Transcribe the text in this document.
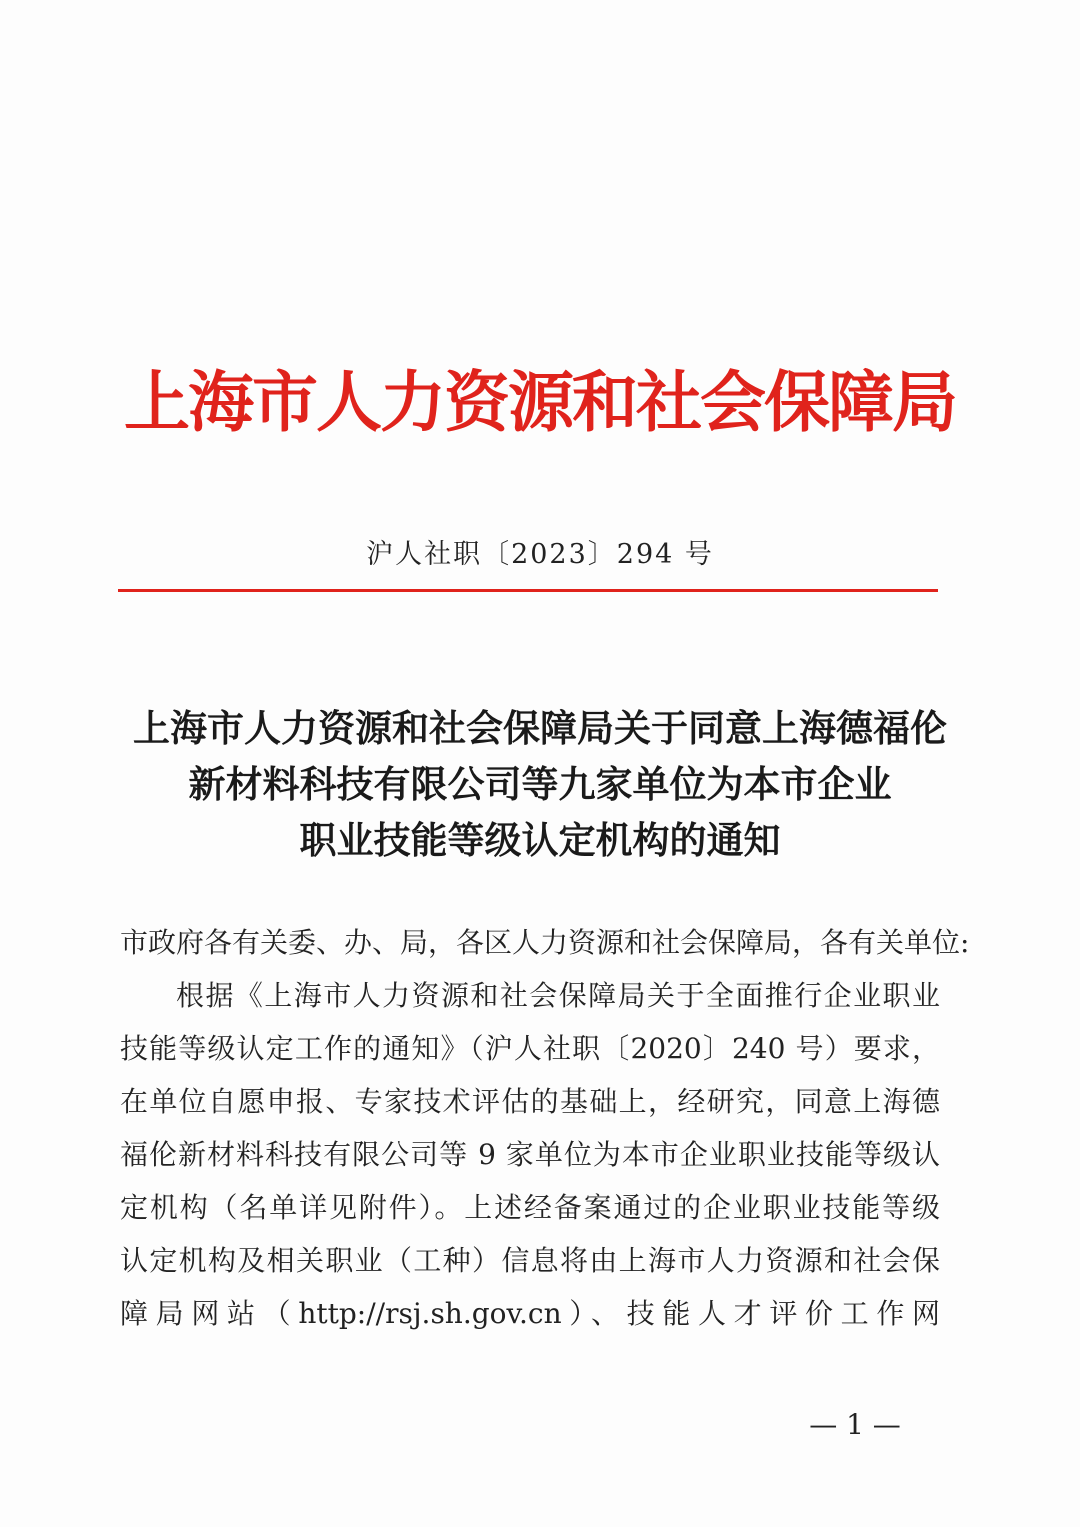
上海市人力资源和社会保障局
沪人社职〔2023〕294 号
上海市人力资源和社会保障局关于同意上海德福伦
新材料科技有限公司等九家单位为本市企业
职业技能等级认定机构的通知
市政府各有关委、办、局，各区人力资源和社会保障局，各有关单位:
根据《上海市人力资源和社会保障局关于全面推行企业职业
技能等级认定工作的通知》（沪人社职〔2020〕240 号）要求，
在单位自愿申报、专家技术评估的基础上，经研究，同意上海德
福伦新材料科技有限公司等 9 家单位为本市企业职业技能等级认
定机构（名单详见附件）。上述经备案通过的企业职业技能等级
认定机构及相关职业（工种）信息将由上海市人力资源和社会保
障局网站（http://rsj.sh.gov.cn）、技能人才评价工作网
— 1 —
